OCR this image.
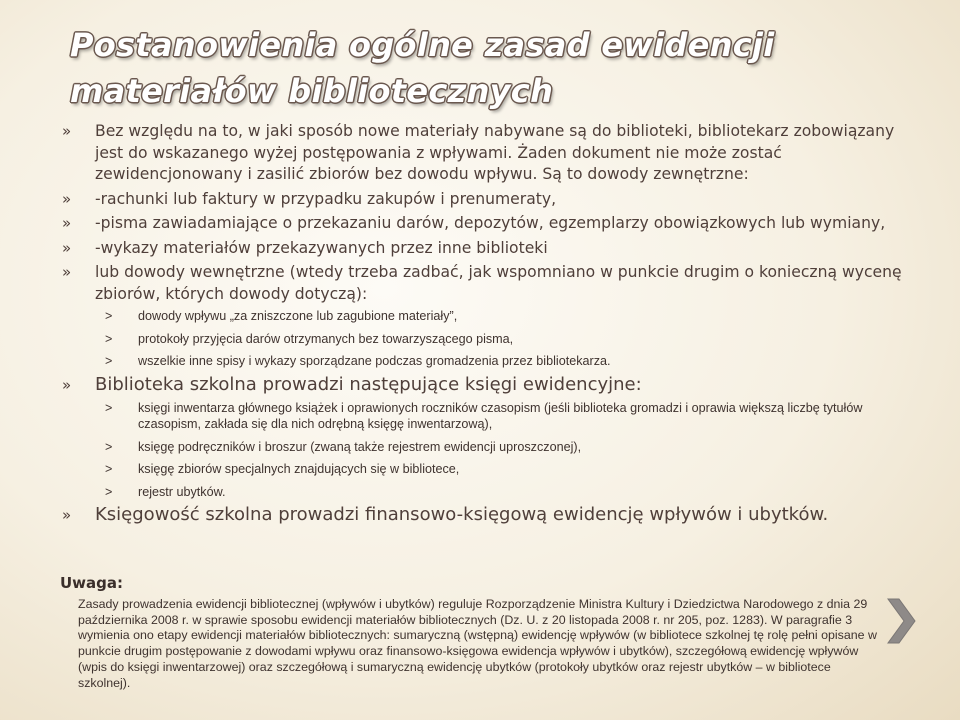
Postanowienia ogólne zasad ewidencji materiałów bibliotecznych
» Bez względu na to, w jaki sposób nowe materiały nabywane są do biblioteki, bibliotekarz zobowiązany jest do wskazanego wyżej postępowania z wpływami. Żaden dokument nie może zostać zewidencjonowany i zasilić zbiorów bez dowodu wpływu. Są to dowody zewnętrzne:
» -rachunki lub faktury w przypadku zakupów i prenumeraty,
» -pisma zawiadamiające o przekazaniu darów, depozytów, egzemplarzy obowiązkowych lub wymiany,
» -wykazy materiałów przekazywanych przez inne biblioteki
» lub dowody wewnętrzne (wtedy trzeba zadbać, jak wspomniano w punkcie drugim o konieczną wycenę zbiorów, których dowody dotyczą):
> dowody wpływu „za zniszczone lub zagubione materiały”,
> protokoły przyjęcia darów otrzymanych bez towarzyszącego pisma,
> wszelkie inne spisy i wykazy sporządzane podczas gromadzenia przez bibliotekarza.
» Biblioteka szkolna prowadzi następujące księgi ewidencyjne:
> księgi inwentarza głównego książek i oprawionych roczników czasopism (jeśli biblioteka gromadzi i oprawia większą liczbę tytułów czasopism, zakłada się dla nich odrębną księgę inwentarzową),
> księgę podręczników i broszur (zwaną także rejestrem ewidencji uproszczonej),
> księgę zbiorów specjalnych znajdujących się w bibliotece,
> rejestr ubytków.
» Księgowość szkolna prowadzi finansowo-księgową ewidencję wpływów i ubytków.
Uwaga:
Zasady prowadzenia ewidencji bibliotecznej (wpływów i ubytków) reguluje Rozporządzenie Ministra Kultury i Dziedzictwa Narodowego z dnia 29 października 2008 r. w sprawie sposobu ewidencji materiałów bibliotecznych (Dz. U. z 20 listopada 2008 r. nr 205, poz. 1283). W paragrafie 3 wymienia ono etapy ewidencji materiałów bibliotecznych: sumaryczną (wstępną) ewidencję wpływów (w bibliotece szkolnej tę rolę pełni opisane w punkcie drugim postępowanie z dowodami wpływu oraz finansowo-księgowa ewidencja wpływów i ubytków), szczegółową ewidencję wpływów (wpis do księgi inwentarzowej) oraz szczegółową i sumaryczną ewidencję ubytków (protokoły ubytków oraz rejestr ubytków – w bibliotece szkolnej).
